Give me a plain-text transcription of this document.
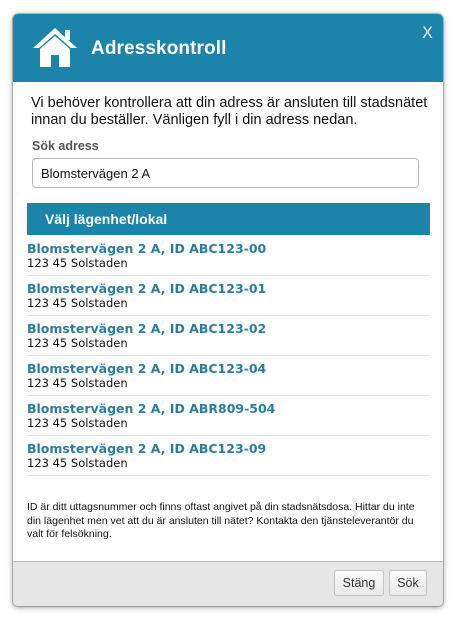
Adresskontroll
X
Vi behöver kontrollera att din adress är ansluten till stadsnätet innan du beställer. Vänligen fyll i din adress nedan.
Sök adress
Blomstervägen 2 A
Välj lägenhet/lokal
Blomstervägen 2 A, ID ABC123-00
123 45 Solstaden
Blomstervägen 2 A, ID ABC123-01
123 45 Solstaden
Blomstervägen 2 A, ID ABC123-02
123 45 Solstaden
Blomstervägen 2 A, ID ABC123-04
123 45 Solstaden
Blomstervägen 2 A, ID ABR809-504
123 45 Solstaden
Blomstervägen 2 A, ID ABC123-09
123 45 Solstaden
ID är ditt uttagsnummer och finns oftast angivet på din stadsnätsdosa. Hittar du inte din lägenhet men vet att du är ansluten till nätet? Kontakta den tjänsteleverantör du valt för felsökning.
Stäng	Sök
